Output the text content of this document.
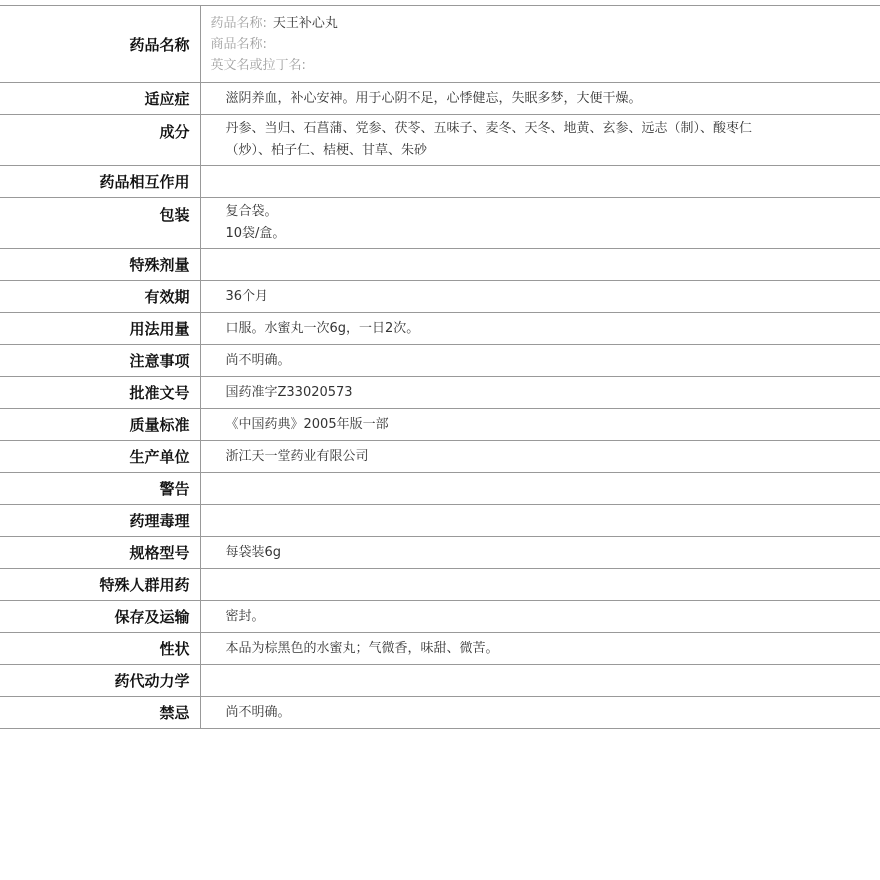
药品名称	药品名称: 天王补心丸
商品名称:
英文名或拉丁名:

适应症	滋阴养血，补心安神。用于心阴不足，心悸健忘，失眠多梦，大便干燥。
成分	丹参、当归、石菖蒲、党参、茯苓、五味子、麦冬、天冬、地黄、玄参、远志（制）、酸枣仁（炒）、柏子仁、桔梗、甘草、朱砂
药品相互作用	
包装	复合袋。
10袋/盒。

特殊剂量	
有效期	36个月
用法用量	口服。水蜜丸一次6g，一日2次。
注意事项	尚不明确。
批准文号	国药准字Z33020573
质量标准	《中国药典》2005年版一部
生产单位	浙江天一堂药业有限公司
警告	
药理毒理	
规格型号	每袋装6g
特殊人群用药	
保存及运输	密封。
性状	本品为棕黑色的水蜜丸；气微香，味甜、微苦。
药代动力学	
禁忌	尚不明确。
